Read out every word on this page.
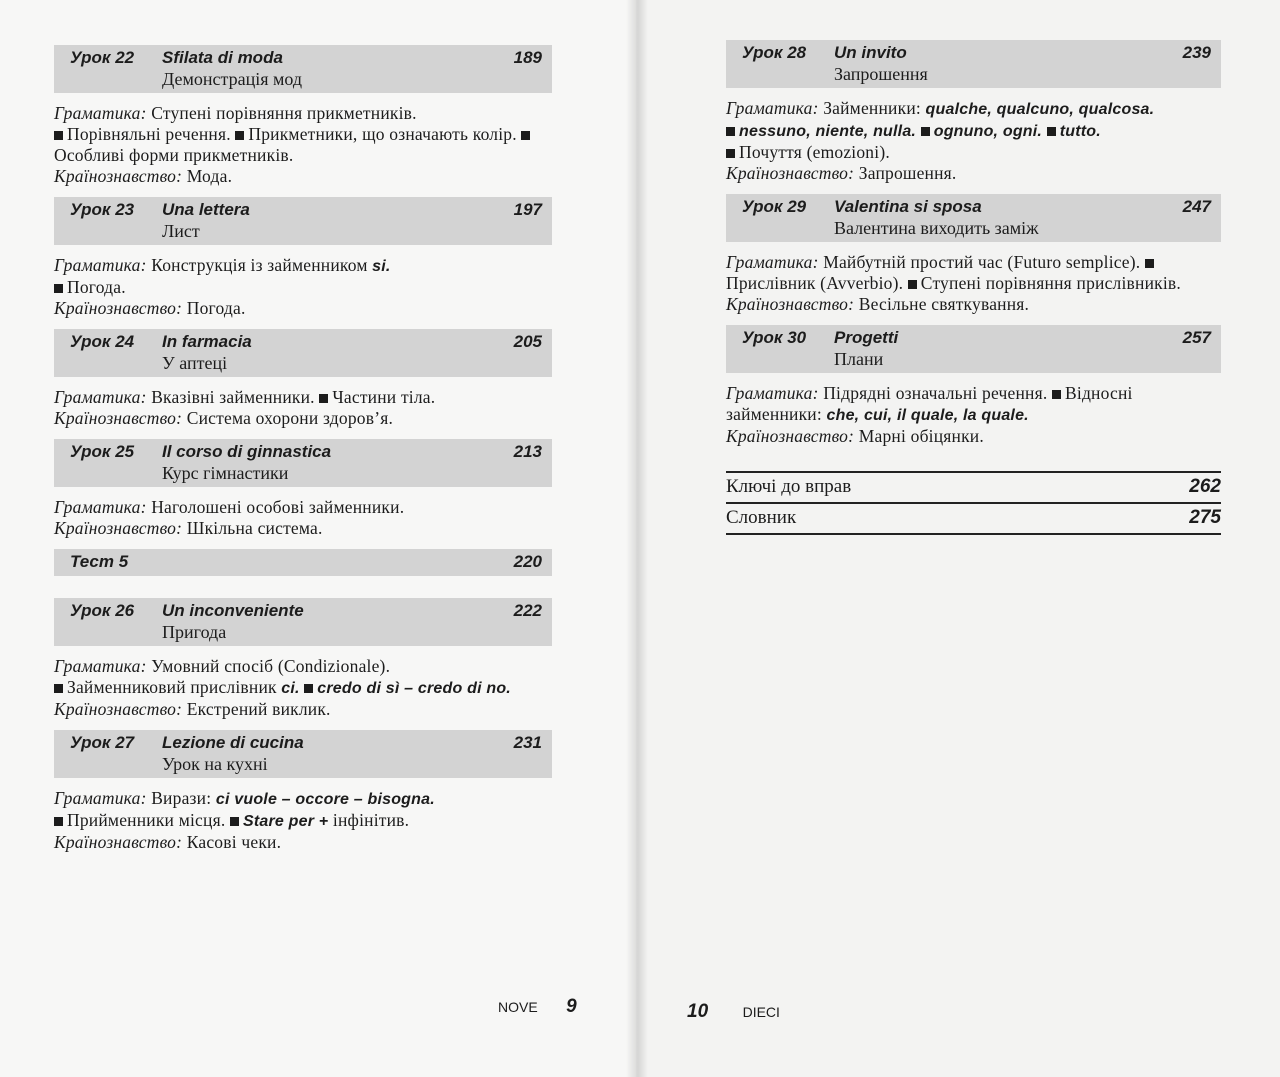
Урок 22	Sfilata di moda	189
Демонстрація мод
Граматика: Ступені порівняння прикметників.
Порівняльні речення. Прикметники, що означають колір. Особливі форми прикметників.
Країнознавство: Мода.
Урок 23	Una lettera	197
Лист
Граматика: Конструкція із займенником si.
Погода.
Країнознавство: Погода.
Урок 24	In farmacia	205
У аптеці
Граматика: Вказівні займенники. Частини тіла.
Країнознавство: Система охорони здоров’я.
Урок 25	Il corso di ginnastica	213
Курс гімнастики
Граматика: Наголошені особові займенники.
Країнознавство: Шкільна система.
Тест 5	220
Урок 26	Un inconveniente	222
Пригода
Граматика: Умовний спосіб (Condizionale).
Займенниковий прислівник ci. credo di sì – credo di no.
Країнознавство: Екстрений виклик.
Урок 27	Lezione di cucina	231
Урок на кухні
Граматика: Вирази: ci vuole – occore – bisogna.
Прийменники місця. Stare per + інфінітив.
Країнознавство: Касові чеки.
NOVE 9
Урок 28	Un invito	239
Запрошення
Граматика: Займенники: qualche, qualcuno, qualcosa.
nessuno, niente, nulla. ognuno, ogni. tutto.
Почуття (emozioni).
Країнознавство: Запрошення.
Урок 29	Valentina si sposa	247
Валентина виходить заміж
Граматика: Майбутній простий час (Futuro semplice). Прислівник (Avverbio). Ступені порівняння прислівників.
Країнознавство: Весільне святкування.
Урок 30	Progetti	257
Плани
Граматика: Підрядні означальні речення. Відносні займенники: che, cui, il quale, la quale.
Країнознавство: Марні обіцянки.
Ключі до вправ	262
Словник	275
10 DIECI
